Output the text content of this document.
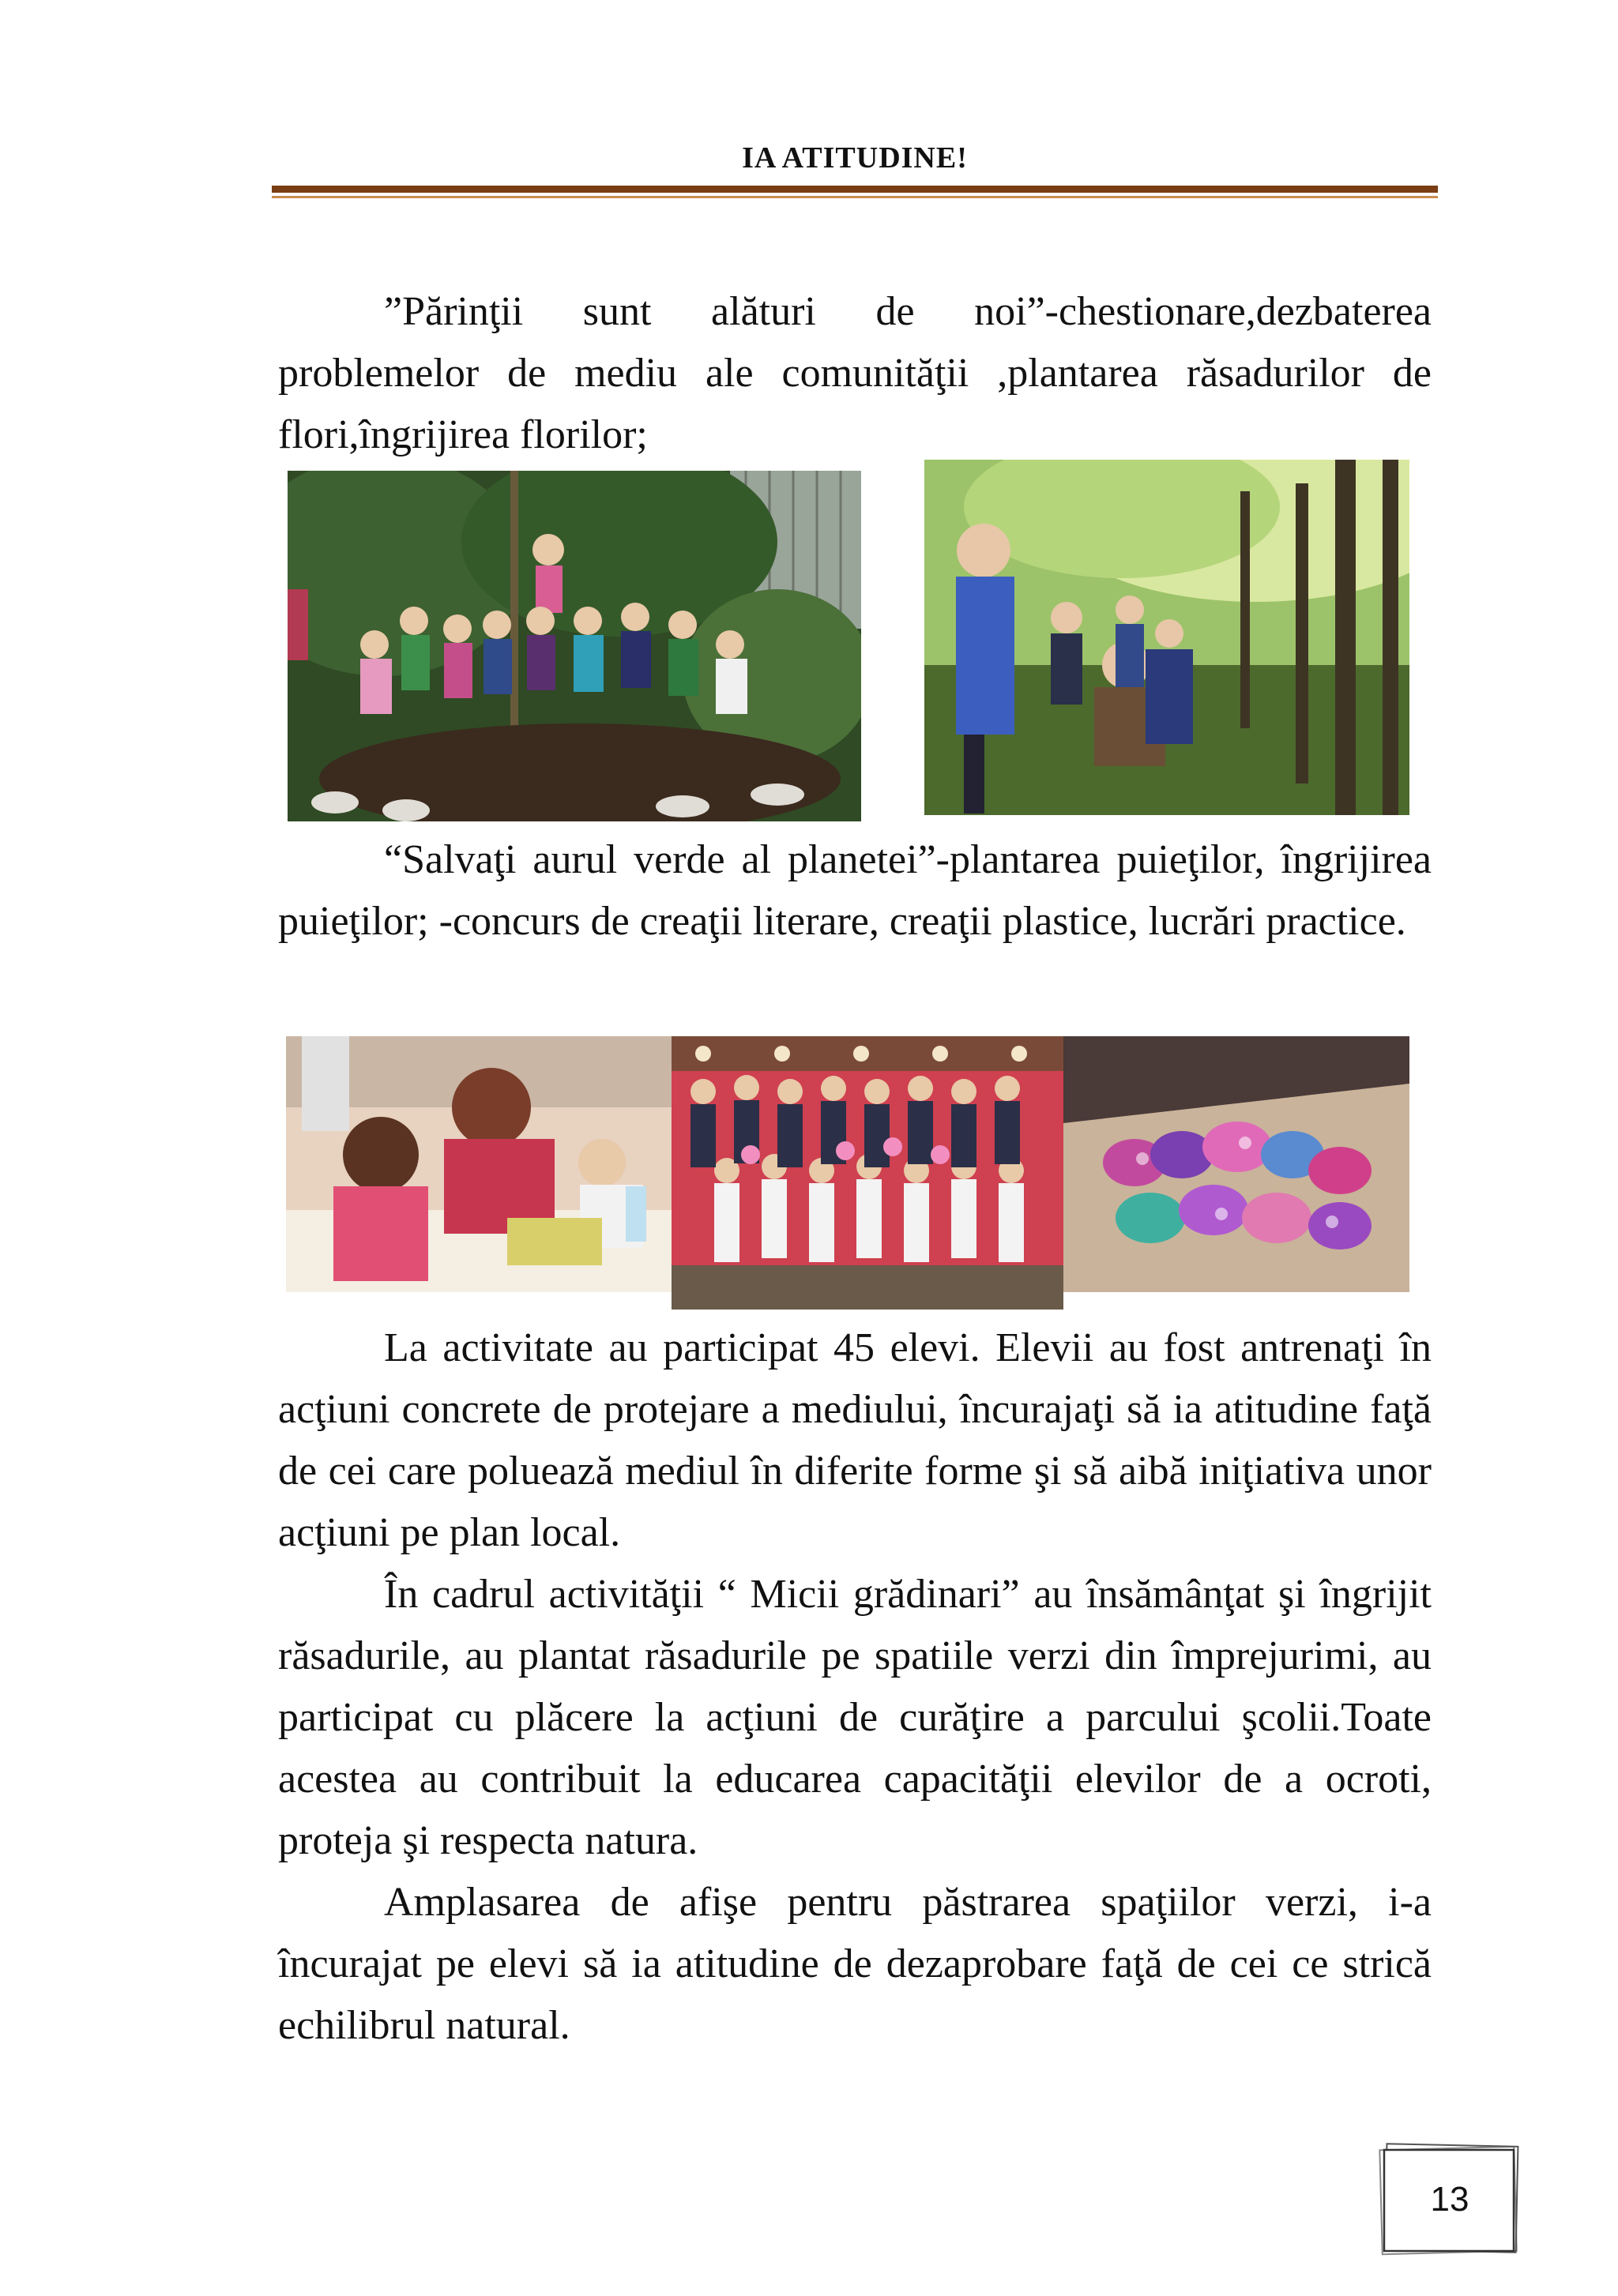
IA ATITUDINE!

”Părinţii sunt alături de noi”-chestionare,dezbaterea problemelor de mediu ale comunităţii ,plantarea răsadurilor de flori,îngrijirea florilor;

“Salvaţi aurul verde al planetei”-plantarea puieţilor, îngrijirea puieţilor; -concurs de creaţii literare, creaţii plastice, lucrări practice.

La activitate au participat 45 elevi. Elevii au fost antrenaţi în acţiuni concrete de protejare a mediului, încurajaţi să ia atitudine faţă de cei care poluează mediul în diferite forme şi să aibă iniţiativa unor acţiuni pe plan local.

În cadrul activităţii “ Micii grădinari” au însămânţat şi îngrijit răsadurile, au plantat răsadurile pe spatiile verzi din împrejurimi, au participat cu plăcere la acţiuni de curăţire a parcului şcolii.Toate acestea au contribuit la educarea capacităţii elevilor de a ocroti, proteja şi respecta natura.

Amplasarea de afişe pentru păstrarea spaţiilor verzi, i-a încurajat pe elevi să ia atitudine de dezaprobare faţă de cei ce strică echilibrul natural.

13
